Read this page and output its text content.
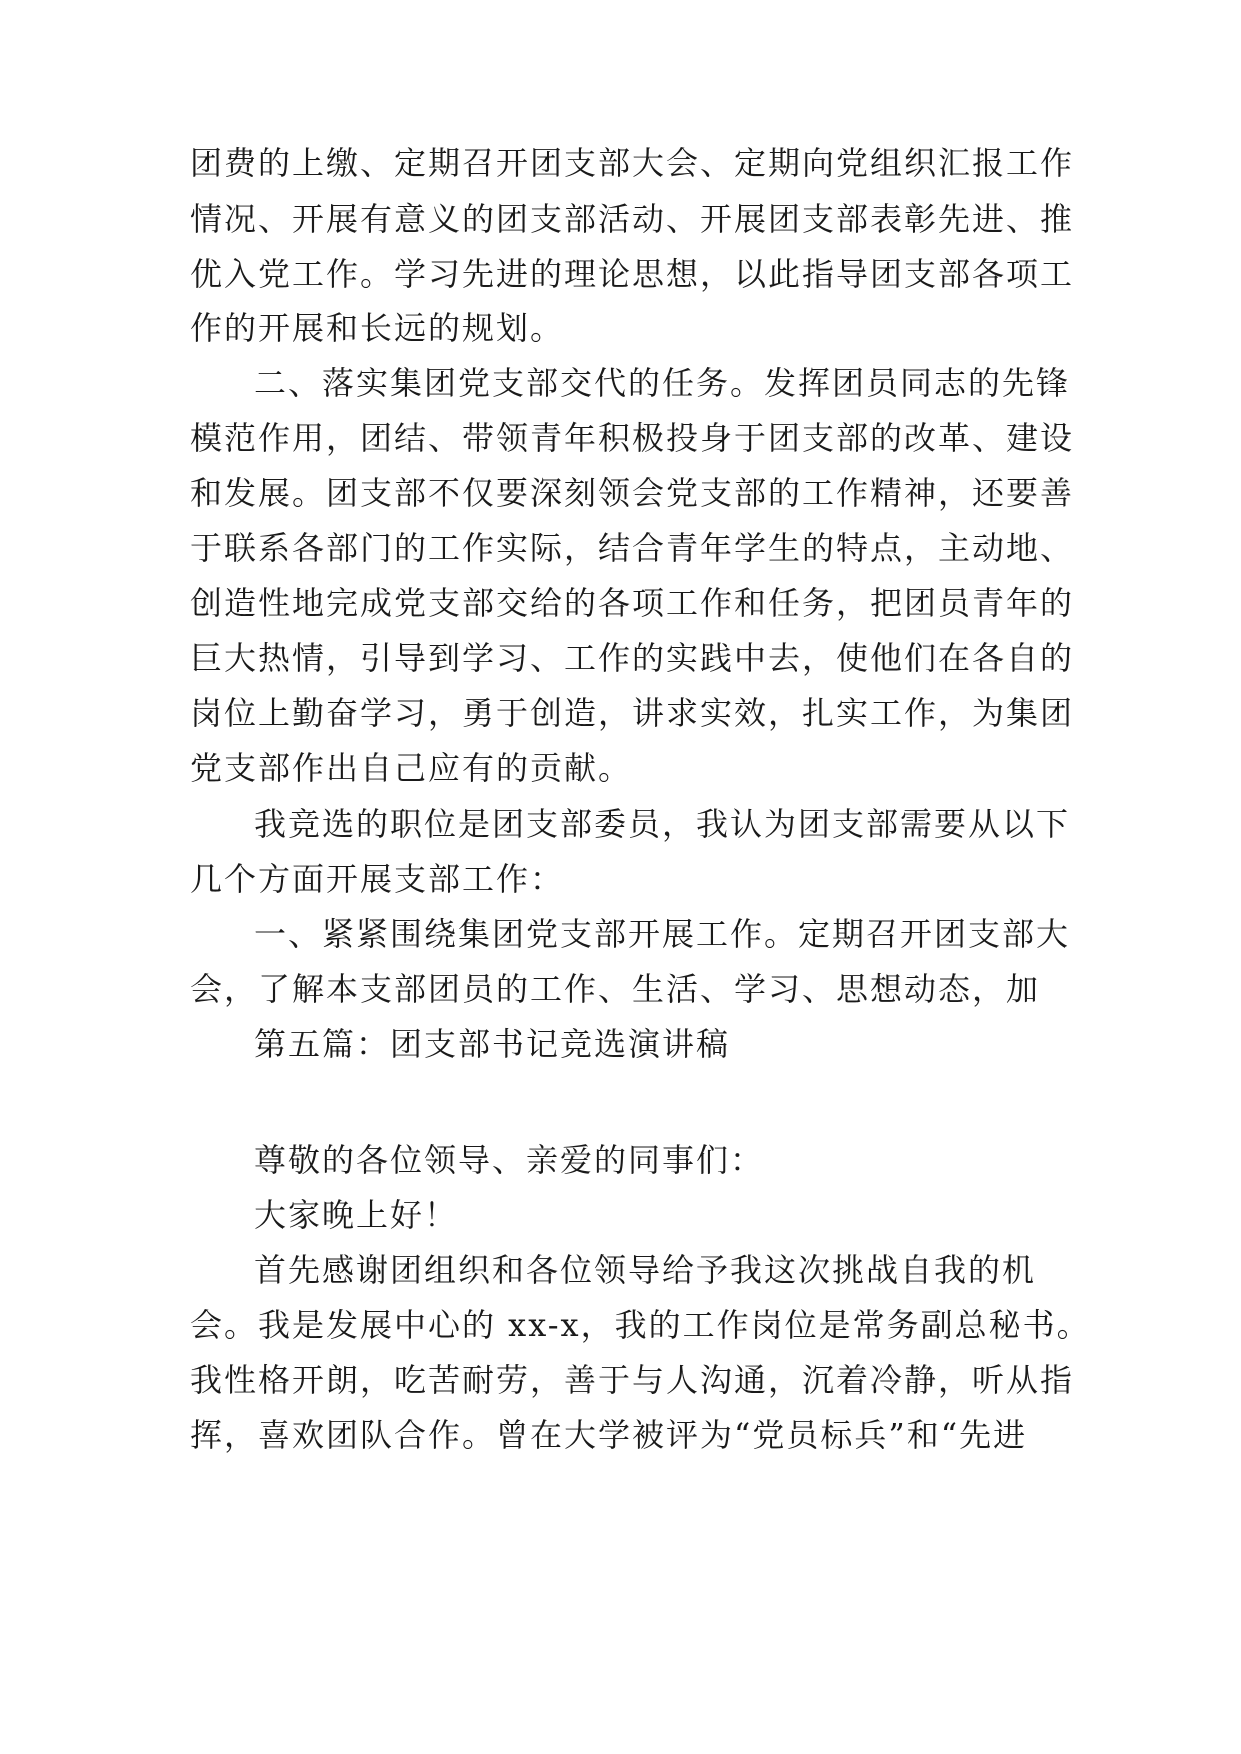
团费的上缴、定期召开团支部大会、定期向党组织汇报工作
情况、开展有意义的团支部活动、开展团支部表彰先进、推
优入党工作。学习先进的理论思想，以此指导团支部各项工
作的开展和长远的规划。
二、落实集团党支部交代的任务。发挥团员同志的先锋
模范作用，团结、带领青年积极投身于团支部的改革、建设
和发展。团支部不仅要深刻领会党支部的工作精神，还要善
于联系各部门的工作实际，结合青年学生的特点，主动地、
创造性地完成党支部交给的各项工作和任务，把团员青年的
巨大热情，引导到学习、工作的实践中去，使他们在各自的
岗位上勤奋学习，勇于创造，讲求实效，扎实工作，为集团
党支部作出自己应有的贡献。
我竞选的职位是团支部委员，我认为团支部需要从以下
几个方面开展支部工作：
一、紧紧围绕集团党支部开展工作。定期召开团支部大
会，了解本支部团员的工作、生活、学习、思想动态，加
第五篇：团支部书记竞选演讲稿
尊敬的各位领导、亲爱的同事们：
大家晚上好！
首先感谢团组织和各位领导给予我这次挑战自我的机
会。我是发展中心的 xx-x，我的工作岗位是常务副总秘书。
我性格开朗，吃苦耐劳，善于与人沟通，沉着冷静，听从指
挥，喜欢团队合作。曾在大学被评为“党员标兵”和“先进
